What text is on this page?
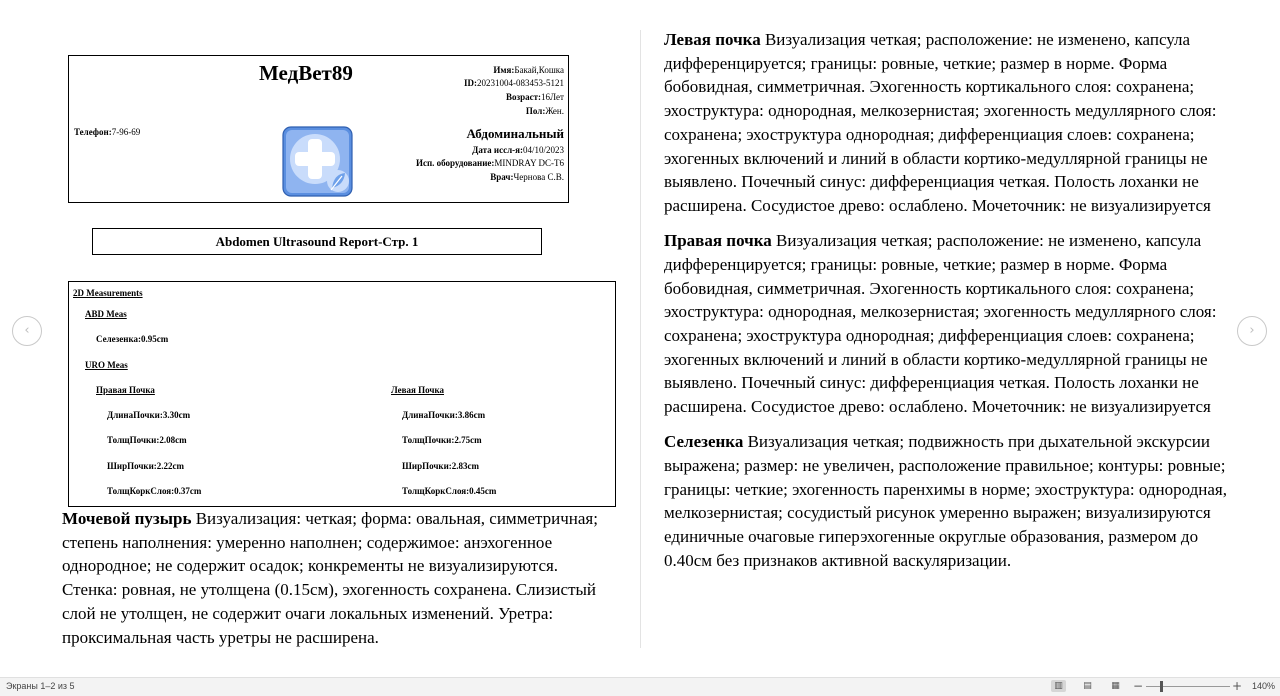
МедВет89
Телефон:7-96-69
Имя:Бакай,Кошка
ID:20231004-083453-5121
Возраст:16Лет
Пол:Жен.
Абдоминальный
Дата иссл-я:04/10/2023
Исп. оборудование:MINDRAY DC-T6
Врач:Чернова С.В.
Abdomen Ultrasound Report-Стр. 1
2D Measurements
ABD Meas
Селезенка:0.95cm
URO Meas
Правая Почка
ДлинаПочки:3.30cm
ТолщПочки:2.08cm
ШирПочки:2.22cm
ТолщКоркСлоя:0.37cm
Левая Почка
ДлинаПочки:3.86cm
ТолщПочки:2.75cm
ШирПочки:2.83cm
ТолщКоркСлоя:0.45cm

Мочевой пузырь Визуализация: четкая; форма: овальная, симметричная; степень наполнения: умеренно наполнен; содержимое: анэхогенное однородное; не содержит осадок; конкременты не визуализируются. Стенка: ровная, не утолщена (0.15см), эхогенность сохранена. Слизистый слой не утолщен, не содержит очаги локальных изменений. Уретра: проксимальная часть уретры не расширена.

Левая почка Визуализация четкая; расположение: не изменено, капсула дифференцируется; границы: ровные, четкие; размер в норме. Форма бобовидная, симметричная. Эхогенность кортикального слоя: сохранена; эхоструктура: однородная, мелкозернистая; эхогенность медуллярного слоя: сохранена; эхоструктура однородная; дифференциация слоев: сохранена; эхогенных включений и линий в области кортико-медуллярной границы не выявлено. Почечный синус: дифференциация четкая. Полость лоханки не расширена. Сосудистое древо: ослаблено. Мочеточник: не визуализируется

Правая почка Визуализация четкая; расположение: не изменено, капсула дифференцируется; границы: ровные, четкие; размер в норме. Форма бобовидная, симметричная. Эхогенность кортикального слоя: сохранена; эхоструктура: однородная, мелкозернистая; эхогенность медуллярного слоя: сохранена; эхоструктура однородная; дифференциация слоев: сохранена; эхогенных включений и линий в области кортико-медуллярной границы не выявлено. Почечный синус: дифференциация четкая. Полость лоханки не расширена. Сосудистое древо: ослаблено. Мочеточник: не визуализируется

Селезенка Визуализация четкая; подвижность при дыхательной экскурсии выражена; размер: не увеличен, расположение правильное; контуры: ровные; границы: четкие; эхогенность паренхимы в норме; эхоструктура: однородная, мелкозернистая; сосудистый рисунок умеренно выражен; визуализируются единичные очаговые гиперэхогенные округлые образования, размером до 0.40см без признаков активной васкуляризации.

‹	›
Экраны 1–2 из 5	▥	▤	▦ −	+ 140%
